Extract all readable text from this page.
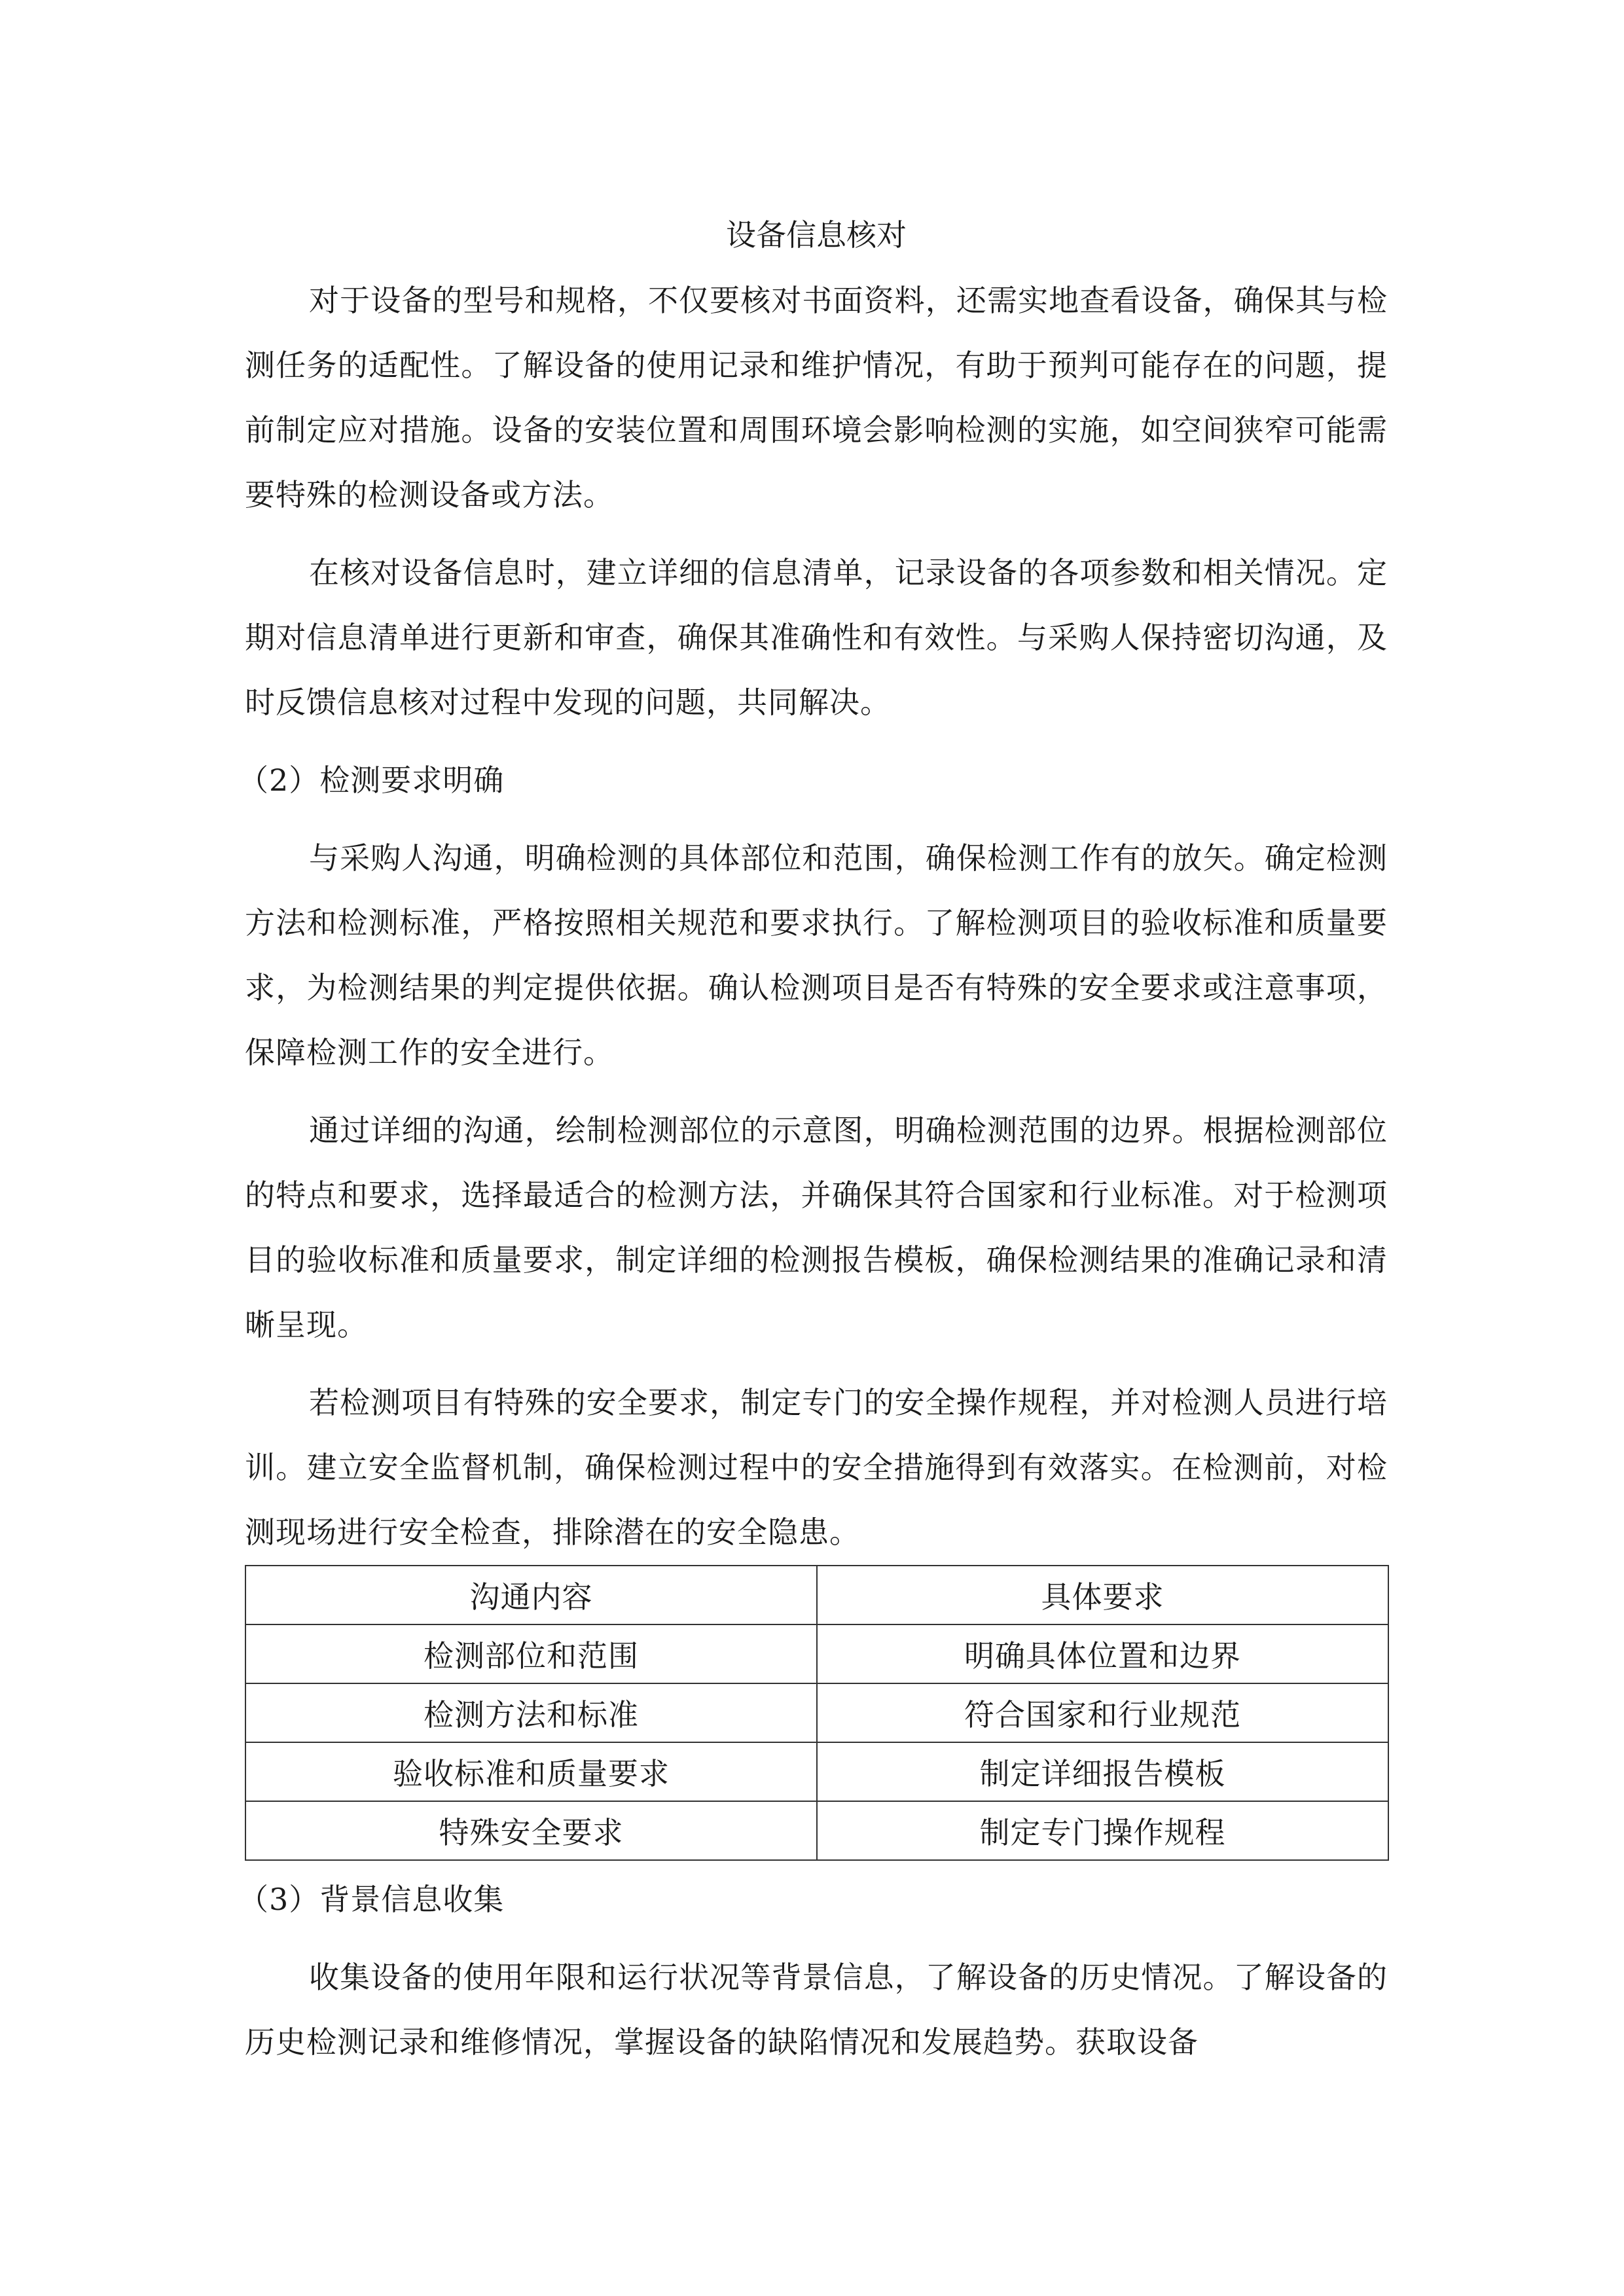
设备信息核对

对于设备的型号和规格，不仅要核对书面资料，还需实地查看设备，确保其与检测任务的适配性。了解设备的使用记录和维护情况，有助于预判可能存在的问题，提前制定应对措施。设备的安装位置和周围环境会影响检测的实施，如空间狭窄可能需要特殊的检测设备或方法。

在核对设备信息时，建立详细的信息清单，记录设备的各项参数和相关情况。定期对信息清单进行更新和审查，确保其准确性和有效性。与采购人保持密切沟通，及时反馈信息核对过程中发现的问题，共同解决。

（2）检测要求明确

与采购人沟通，明确检测的具体部位和范围，确保检测工作有的放矢。确定检测方法和检测标准，严格按照相关规范和要求执行。了解检测项目的验收标准和质量要求，为检测结果的判定提供依据。确认检测项目是否有特殊的安全要求或注意事项，保障检测工作的安全进行。

通过详细的沟通，绘制检测部位的示意图，明确检测范围的边界。根据检测部位的特点和要求，选择最适合的检测方法，并确保其符合国家和行业标准。对于检测项目的验收标准和质量要求，制定详细的检测报告模板，确保检测结果的准确记录和清晰呈现。

若检测项目有特殊的安全要求，制定专门的安全操作规程，并对检测人员进行培训。建立安全监督机制，确保检测过程中的安全措施得到有效落实。在检测前，对检测现场进行安全检查，排除潜在的安全隐患。

沟通内容	具体要求
检测部位和范围	明确具体位置和边界
检测方法和标准	符合国家和行业规范
验收标准和质量要求	制定详细报告模板
特殊安全要求	制定专门操作规程
（3）背景信息收集

收集设备的使用年限和运行状况等背景信息，了解设备的历史情况。了解设备的历史检测记录和维修情况，掌握设备的缺陷情况和发展趋势。获取设备
